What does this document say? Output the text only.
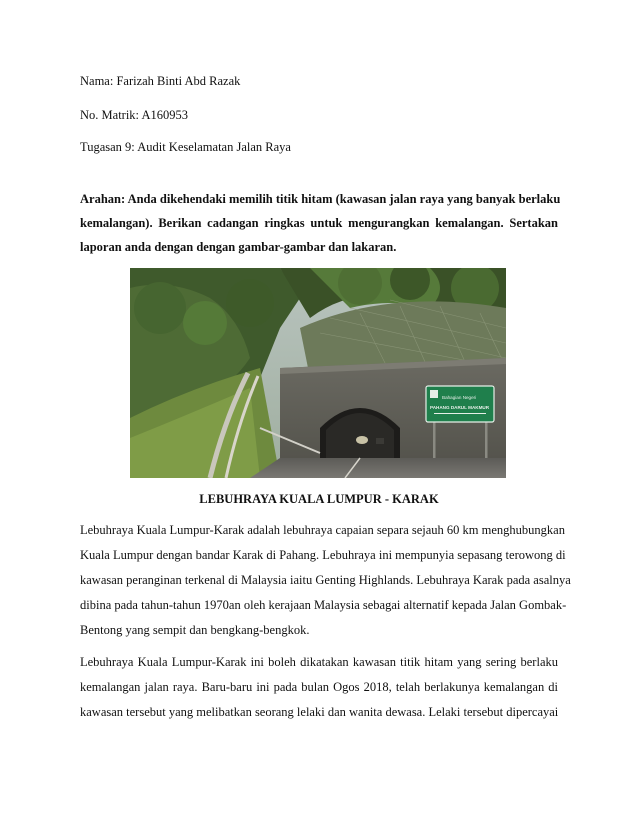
Nama: Farizah Binti Abd Razak
No. Matrik: A160953
Tugasan 9: Audit Keselamatan Jalan Raya
Arahan: Anda dikehendaki memilih titik hitam (kawasan jalan raya yang banyak berlaku
kemalangan). Berikan cadangan ringkas untuk mengurangkan kemalangan. Sertakan
laporan anda dengan dengan gambar-gambar dan lakaran.
Bahagian Negeri
PAHANG DARUL MAKMUR
LEBUHRAYA KUALA LUMPUR - KARAK
Lebuhraya Kuala Lumpur-Karak adalah lebuhraya capaian separa sejauh 60 km menghubungkan
Kuala Lumpur dengan bandar Karak di Pahang. Lebuhraya ini mempunyia sepasang terowong di
kawasan peranginan terkenal di Malaysia iaitu Genting Highlands. Lebuhraya Karak pada asalnya
dibina pada tahun-tahun 1970an oleh kerajaan Malaysia sebagai alternatif kepada Jalan Gombak-
Bentong yang sempit dan bengkang-bengkok.
Lebuhraya Kuala Lumpur-Karak ini boleh dikatakan kawasan titik hitam yang sering berlaku
kemalangan jalan raya. Baru-baru ini pada bulan Ogos 2018, telah berlakunya kemalangan di
kawasan tersebut yang melibatkan seorang lelaki dan wanita dewasa. Lelaki tersebut dipercayai
